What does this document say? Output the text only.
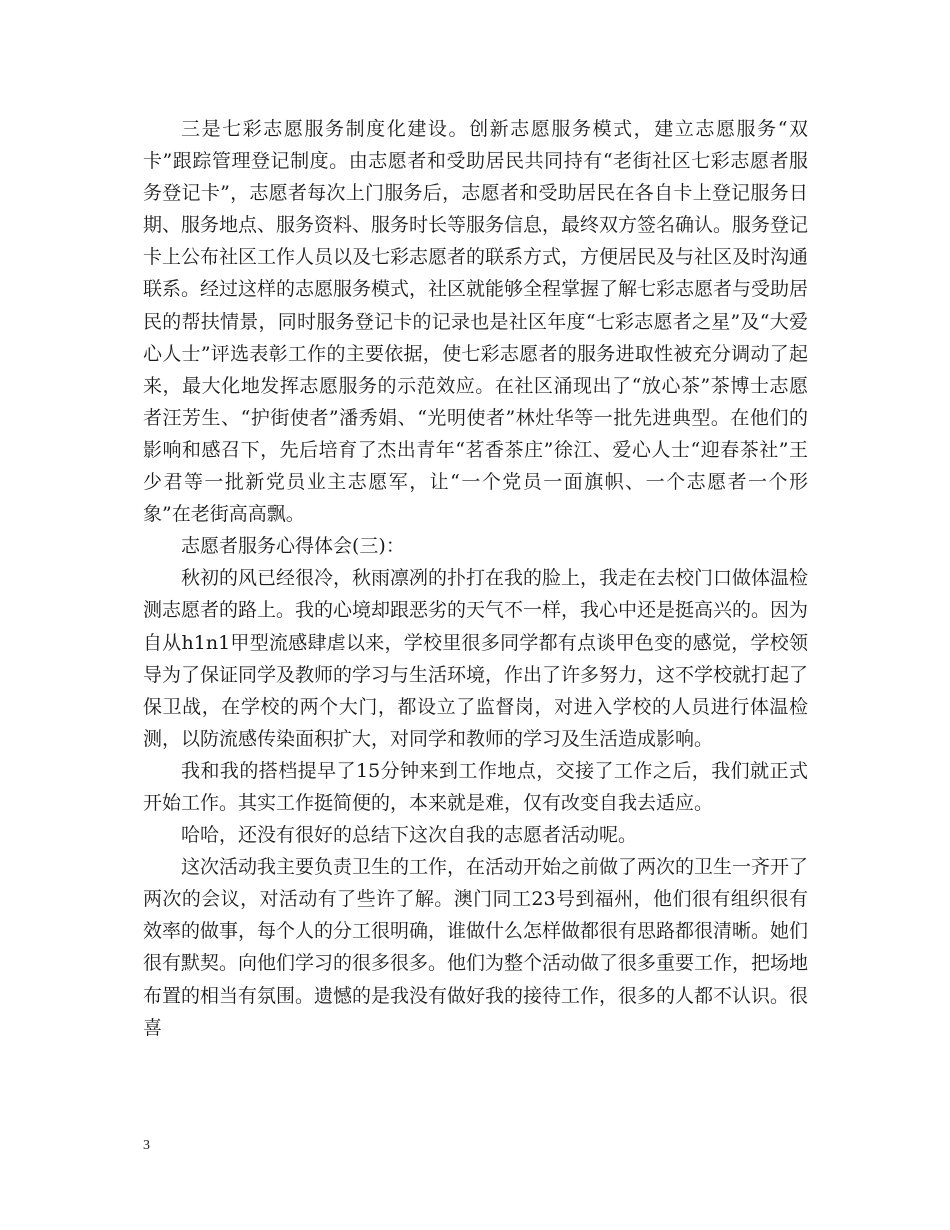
三是七彩志愿服务制度化建设。创新志愿服务模式，建立志愿服务“双卡”跟踪管理登记制度。由志愿者和受助居民共同持有“老街社区七彩志愿者服务登记卡”，志愿者每次上门服务后，志愿者和受助居民在各自卡上登记服务日期、服务地点、服务资料、服务时长等服务信息，最终双方签名确认。服务登记卡上公布社区工作人员以及七彩志愿者的联系方式，方便居民及与社区及时沟通联系。经过这样的志愿服务模式，社区就能够全程掌握了解七彩志愿者与受助居民的帮扶情景，同时服务登记卡的记录也是社区年度“七彩志愿者之星”及“大爱心人士”评选表彰工作的主要依据，使七彩志愿者的服务进取性被充分调动了起来，最大化地发挥志愿服务的示范效应。在社区涌现出了“放心茶”茶博士志愿者汪芳生、“护街使者”潘秀娟、“光明使者”林灶华等一批先进典型。在他们的影响和感召下，先后培育了杰出青年“茗香茶庄”徐江、爱心人士“迎春茶社”王少君等一批新党员业主志愿军，让“一个党员一面旗帜、一个志愿者一个形象”在老街高高飘。

志愿者服务心得体会(三)：

秋初的风已经很冷，秋雨凛冽的扑打在我的脸上，我走在去校门口做体温检测志愿者的路上。我的心境却跟恶劣的天气不一样，我心中还是挺高兴的。因为自从h1n1甲型流感肆虐以来，学校里很多同学都有点谈甲色变的感觉，学校领导为了保证同学及教师的学习与生活环境，作出了许多努力，这不学校就打起了保卫战，在学校的两个大门，都设立了监督岗，对进入学校的人员进行体温检测，以防流感传染面积扩大，对同学和教师的学习及生活造成影响。

我和我的搭档提早了15分钟来到工作地点，交接了工作之后，我们就正式开始工作。其实工作挺简便的，本来就是难，仅有改变自我去适应。

哈哈，还没有很好的总结下这次自我的志愿者活动呢。

这次活动我主要负责卫生的工作，在活动开始之前做了两次的卫生一齐开了两次的会议，对活动有了些许了解。澳门同工23号到福州，他们很有组织很有效率的做事，每个人的分工很明确，谁做什么怎样做都很有思路都很清晰。她们很有默契。向他们学习的很多很多。他们为整个活动做了很多重要工作，把场地布置的相当有氛围。遗憾的是我没有做好我的接待工作，很多的人都不认识。很喜

3
